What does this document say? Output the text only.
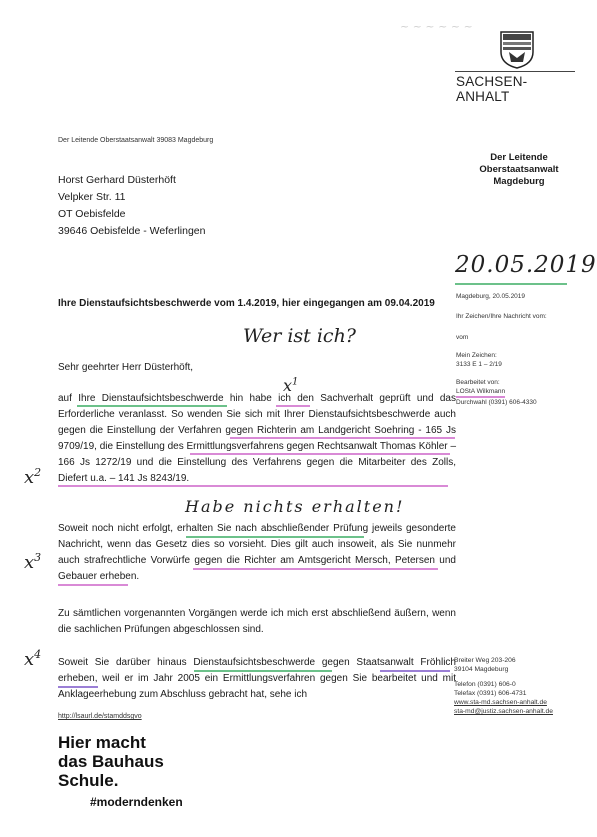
~ ~ ~ ~ ~ ~
SACHSEN-ANHALT
Der Leitende Oberstaatsanwalt 39083 Magdeburg
Der Leitende
Oberstaatsanwalt
Magdeburg
Horst Gerhard Düsterhöft
Velpker Str. 11
OT Oebisfelde
39646 Oebisfelde - Weferlingen
20.05.2019
Magdeburg, 20.05.2019
Ihr Zeichen/Ihre Nachricht vom:
vom
Mein Zeichen:
3133 E 1 – 2/19
Bearbeitet von:
LOStA Wilkmann
Durchwahl (0391) 606-4330
Ihre Dienstaufsichtsbeschwerde vom 1.4.2019, hier eingegangen am 09.04.2019
Wer ist ich?
Sehr geehrter Herr Düsterhöft,
$x^1$
auf Ihre Dienstaufsichtsbeschwerde hin habe ich den Sachverhalt geprüft und das Erforderliche veranlasst. So wenden Sie sich mit Ihrer Dienstaufsichtsbeschwerde auch gegen die Einstellung der Verfahren gegen Richterin am Landgericht Soehring - 165 Js 9709/19, die Einstellung des Ermittlungsverfahrens gegen Rechtsanwalt Thomas Köhler – 166 Js 1272/19 und die Einstellung des Verfahrens gegen die Mitarbeiter des Zolls, Diefert u.a. – 141 Js 8243/19.
$x^2$
Habe nichts erhalten!
Soweit noch nicht erfolgt, erhalten Sie nach abschließender Prüfung jeweils gesonderte Nachricht, wenn das Gesetz dies so vorsieht. Dies gilt auch insoweit, als Sie nunmehr auch strafrechtliche Vorwürfe gegen die Richter am Amtsgericht Mersch, Petersen und Gebauer erheben.
$x^3$
Zu sämtlichen vorgenannten Vorgängen werde ich mich erst abschließend äußern, wenn die sachlichen Prüfungen abgeschlossen sind.
$x^4$
Soweit Sie darüber hinaus Dienstaufsichtsbeschwerde gegen Staatsanwalt Fröhlich erheben, weil er im Jahr 2005 ein Ermittlungsverfahren gegen Sie bearbeitet und mit Anklageerhebung zum Abschluss gebracht hat, sehe ich
Breiter Weg 203-206
39104 Magdeburg
Telefon (0391) 606-0
Telefax (0391) 606-4731
www.sta-md.sachsen-anhalt.de
sta-md@justiz.sachsen-anhalt.de
http://lsaurl.de/stamddsgvo
Hier macht
das Bauhaus
Schule.
#moderndenken
